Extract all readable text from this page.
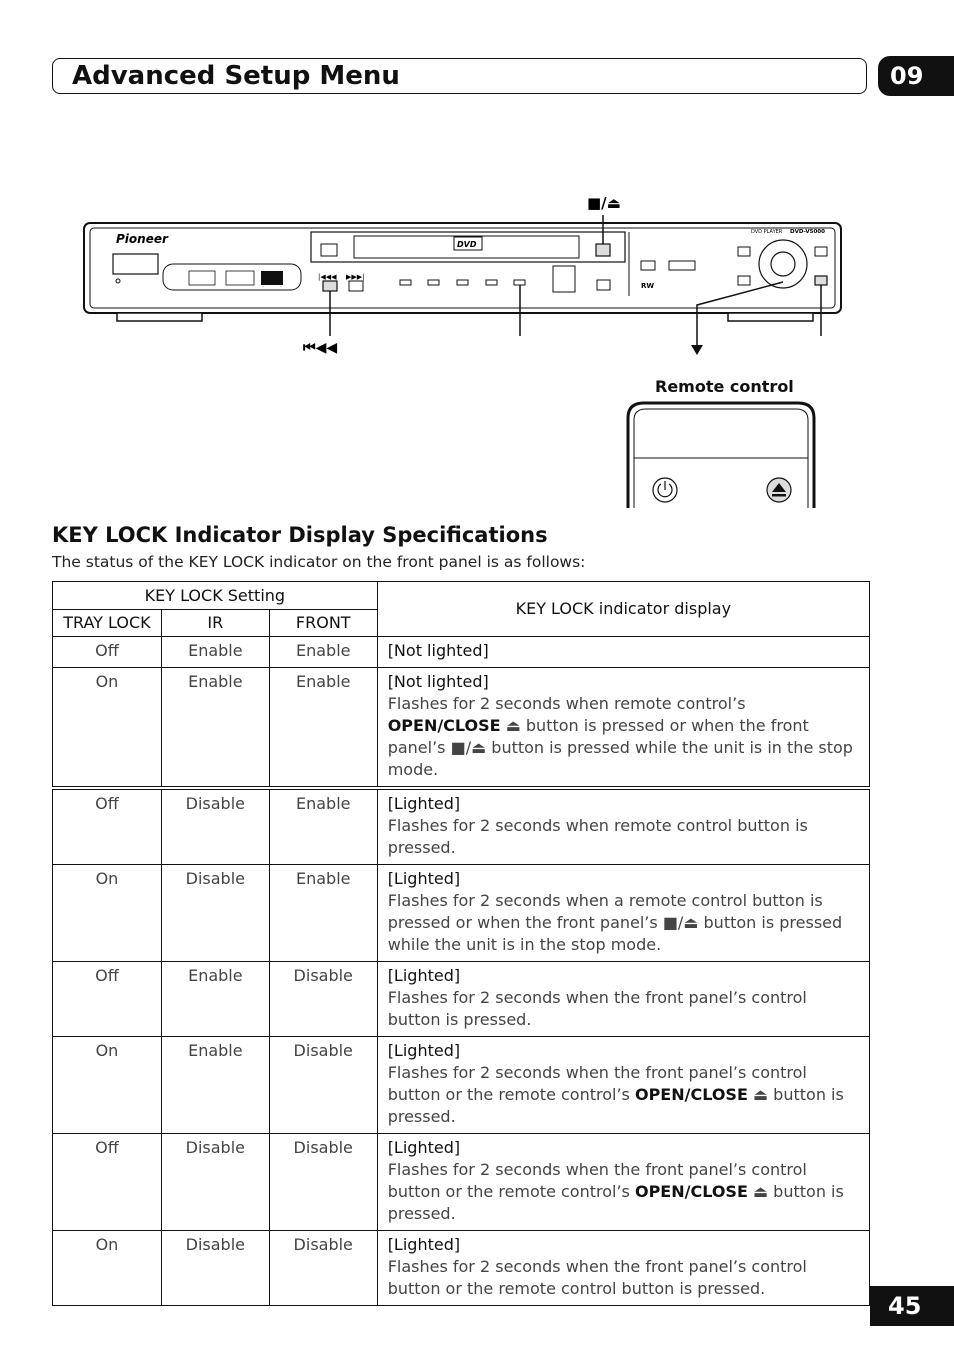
Advanced Setup Menu	09
■/⏏
Pioneer	DVD
|◀◀◀ ▶▶▶|
RW
DVD PLAYER DVD-V5000
⏮◀◀
Remote control
KEY LOCK Indicator Display Specifications
The status of the KEY LOCK indicator on the front panel is as follows:
KEY LOCK Setting			KEY LOCK indicator display
TRAY LOCK	IR	FRONT	
Off	Enable	Enable	[Not lighted]

On	Enable	Enable	[Not lighted]
Flashes for 2 seconds when remote control’s OPEN/CLOSE ⏏ button is pressed or when the front panel’s ■/⏏ button is pressed while the unit is in the stop mode.

Off	Disable	Enable	[Lighted]
Flashes for 2 seconds when remote control button is pressed.

On	Disable	Enable	[Lighted]
Flashes for 2 seconds when a remote control button is pressed or when the front panel’s ■/⏏ button is pressed while the unit is in the stop mode.

Off	Enable	Disable	[Lighted]
Flashes for 2 seconds when the front panel’s control button is pressed.

On	Enable	Disable	[Lighted]
Flashes for 2 seconds when the front panel’s control button or the remote control’s OPEN/CLOSE ⏏ button is pressed.

Off	Disable	Disable	[Lighted]
Flashes for 2 seconds when the front panel’s control button or the remote control’s OPEN/CLOSE ⏏ button is pressed.

On	Disable	Disable	[Lighted]
Flashes for 2 seconds when the front panel’s control button or the remote control button is pressed.
45
